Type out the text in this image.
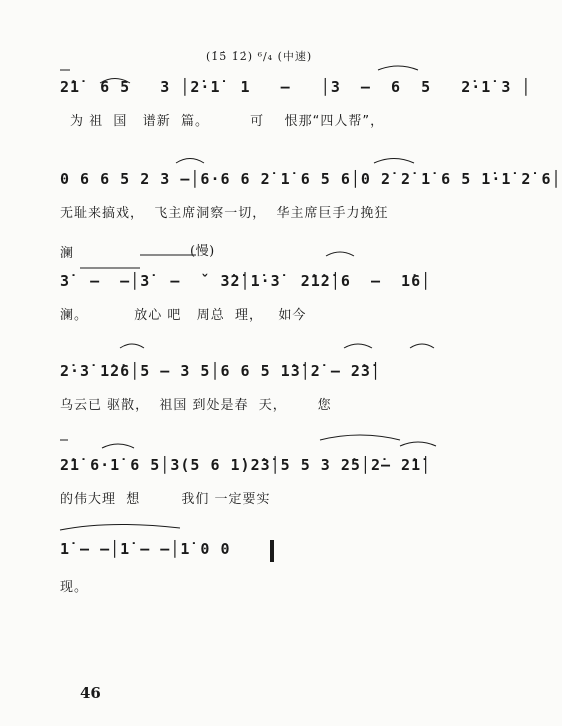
(1̇5̇ 1̇2̇) ⁶/₄ (中速)
2̇1̇  6 5   3 │2̇·1̇  1   —   │3  —  6  5   2̇·1̇ 3 │
为 祖  国   谱新  篇。        可    恨那“四人帮”，
0 6 6 5 2 3 —│6·6 6 2̇ 1̇ 6 5 6│0 2̇ 2̇ 1̇ 6 5 1̇·1̇ 2̇ 6│
无耻来搞戏，  飞主席洞察一切，  华主席巨手力挽狂
澜	(慢)
3̇  —  —│3̇  —  ˇ 3̇2̇│1̇·3̇  2̇1̇2̇│6  —  1̇6│
澜。         放心 吧   周总  理，   如今
2̇·3̇ 1̇2̇6│5 — 3 5│6 6 5 1̇3̇│2̇ — 2̇3̇│
乌云已 驱散，  祖国 到处是春  天，      您
2̇1̇ 6·1̇ 6 5│3(5 6 1̇)2̇3̇│5 5 3 2̇5│2̇— 2̇1̇│
的伟大理  想        我们 一定要实
1̇ — —│1̇ — —│1̇ 0 0
现。
46
